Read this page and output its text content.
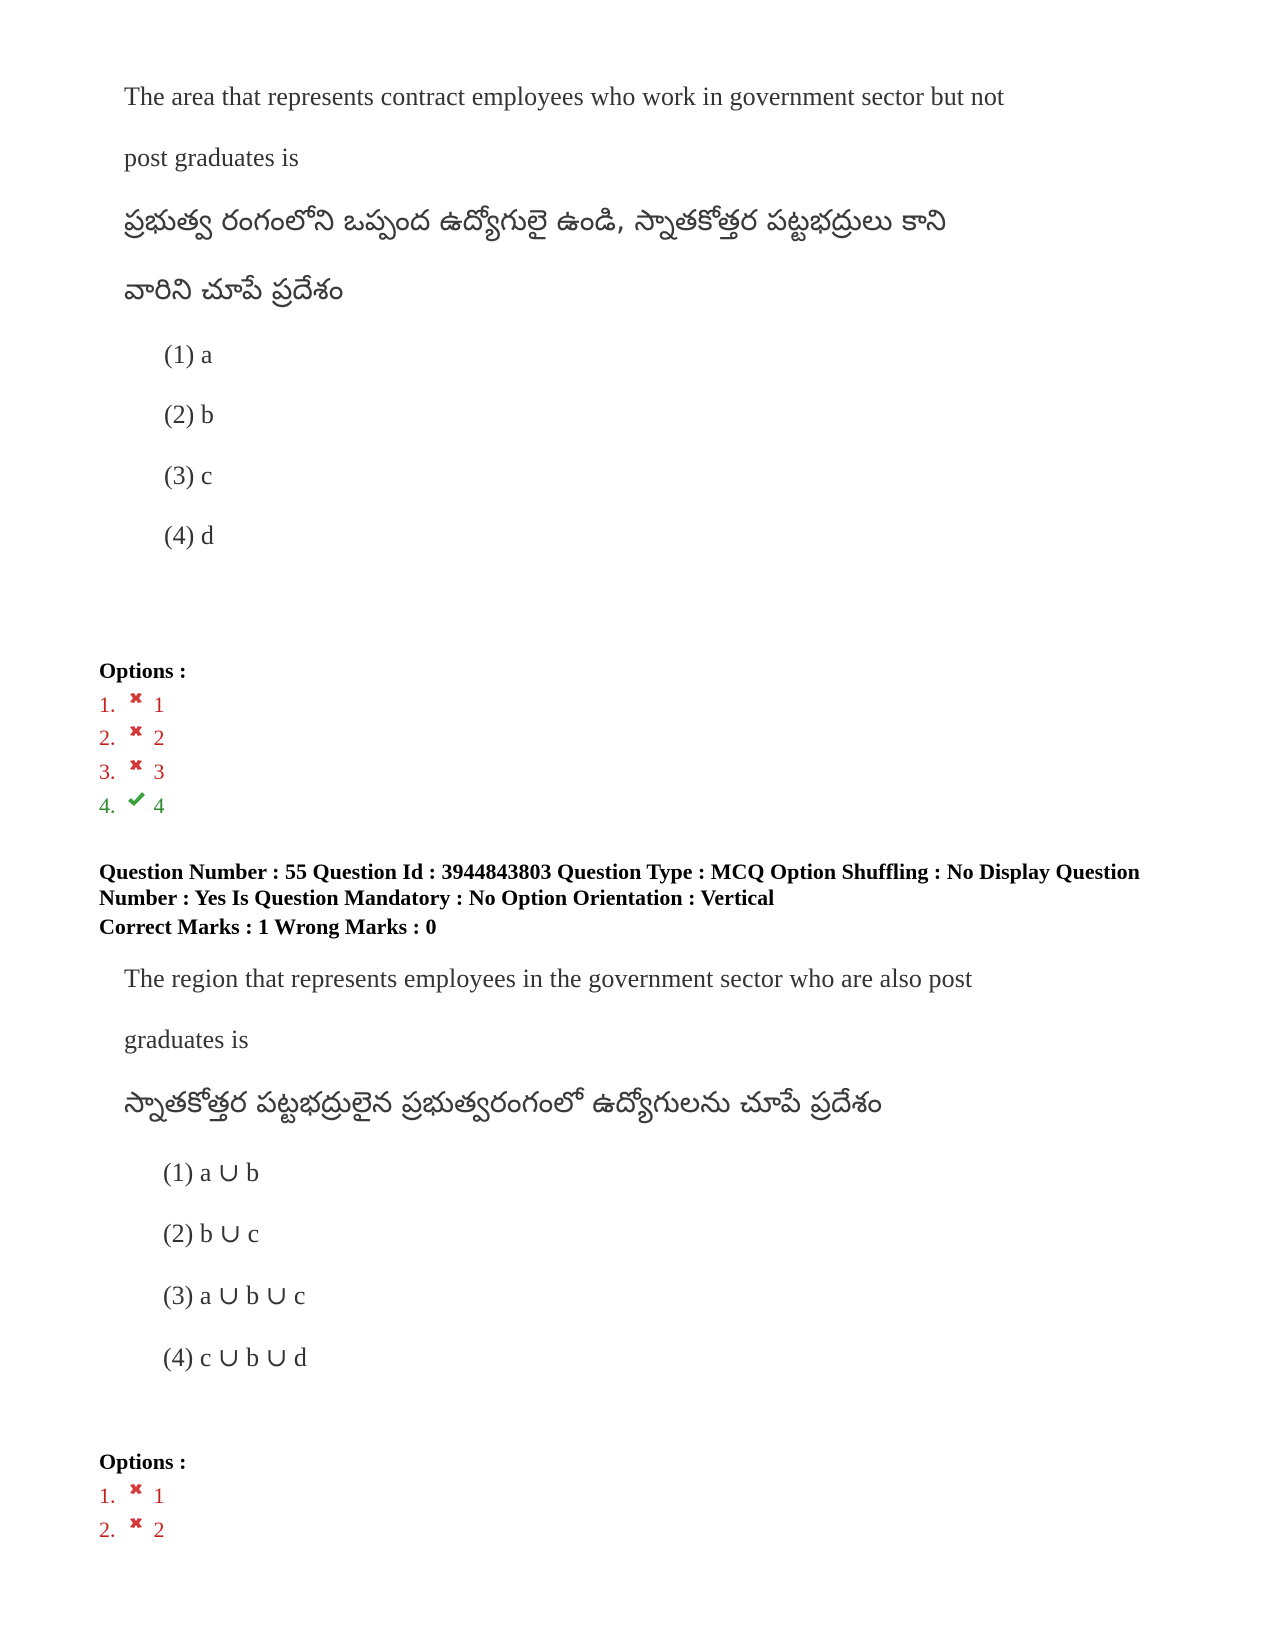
The area that represents contract employees who work in government sector but not
post graduates is
ప్రభుత్వ రంగంలోని ఒప్పంద ఉద్యోగులై ఉండి, స్నాతకోత్తర పట్టభద్రులు కాని
వారిని చూపే ప్రదేశం
(1) a
(2) b
(3) c
(4) d
Options :
1. 1
2. 2
3. 3
4. 4
Question Number : 55 Question Id : 3944843803 Question Type : MCQ Option Shuffling : No Display Question
Number : Yes Is Question Mandatory : No Option Orientation : Vertical
Correct Marks : 1 Wrong Marks : 0
The region that represents employees in the government sector who are also post
graduates is
స్నాతకోత్తర పట్టభద్రులైన ప్రభుత్వరంగంలో ఉద్యోగులను చూపే ప్రదేశం
(1) a ∪ b
(2) b ∪ c
(3) a ∪ b ∪ c
(4) c ∪ b ∪ d
Options :
1. 1
2. 2
